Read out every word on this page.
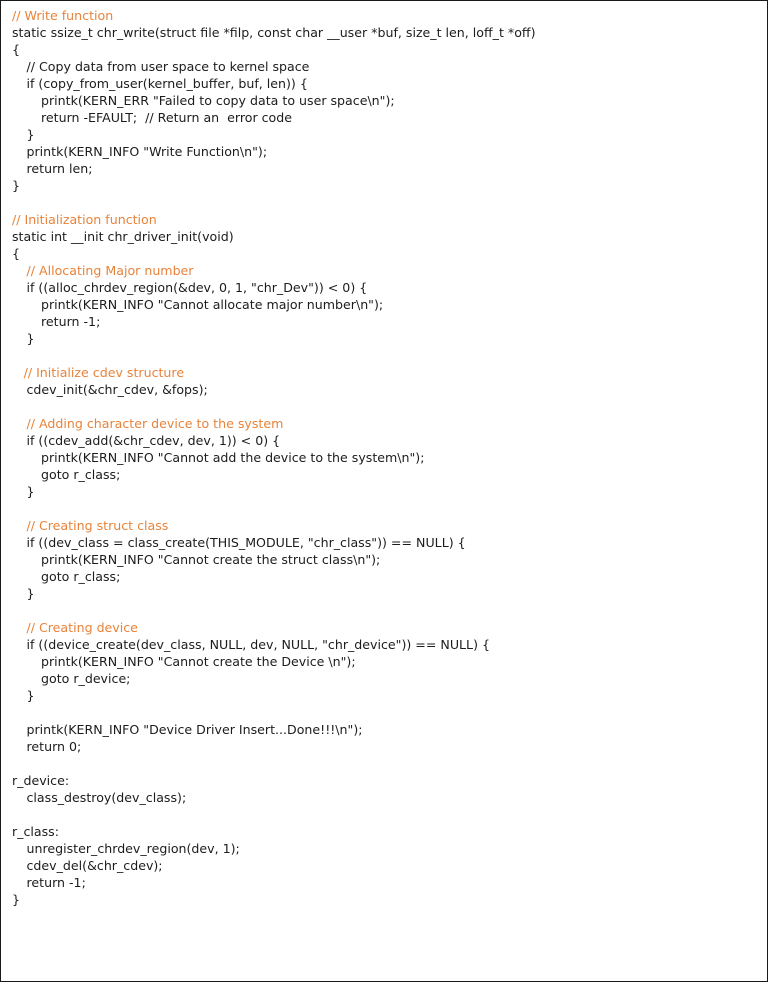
// Write function
static ssize_t chr_write(struct file *filp, const char __user *buf, size_t len, loff_t *off)
{
// Copy data from user space to kernel space
if (copy_from_user(kernel_buffer, buf, len)) {
printk(KERN_ERR "Failed to copy data to user space\n");
return -EFAULT;  // Return an  error code
}
printk(KERN_INFO "Write Function\n");
return len;
}
// Initialization function
static int __init chr_driver_init(void)
{
// Allocating Major number
if ((alloc_chrdev_region(&dev, 0, 1, "chr_Dev")) < 0) {
printk(KERN_INFO "Cannot allocate major number\n");
return -1;
}
// Initialize cdev structure
cdev_init(&chr_cdev, &fops);
// Adding character device to the system
if ((cdev_add(&chr_cdev, dev, 1)) < 0) {
printk(KERN_INFO "Cannot add the device to the system\n");
goto r_class;
}
// Creating struct class
if ((dev_class = class_create(THIS_MODULE, "chr_class")) == NULL) {
printk(KERN_INFO "Cannot create the struct class\n");
goto r_class;
}
// Creating device
if ((device_create(dev_class, NULL, dev, NULL, "chr_device")) == NULL) {
printk(KERN_INFO "Cannot create the Device \n");
goto r_device;
}
printk(KERN_INFO "Device Driver Insert...Done!!!\n");
return 0;
r_device:
class_destroy(dev_class);
r_class:
unregister_chrdev_region(dev, 1);
cdev_del(&chr_cdev);
return -1;
}
